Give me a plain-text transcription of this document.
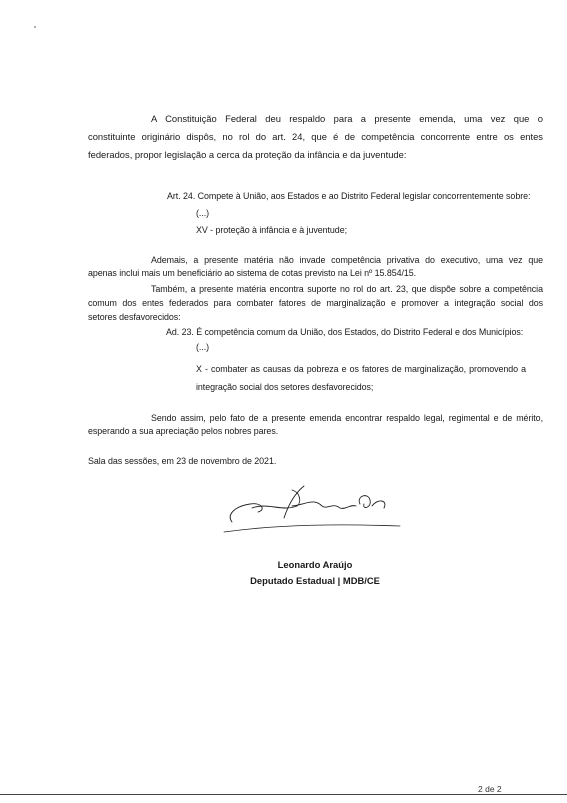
A Constituição Federal deu respaldo para a presente emenda, uma vez que o

constituinte originário dispôs, no rol do art. 24, que é de competência concorrente entre os entes

federados, propor legislação a cerca da proteção da infância e da juventude:

Art. 24. Compete à União, aos Estados e ao Distrito Federal legislar concorrentemente sobre:

(...)

XV - proteção à infância e à juventude;

Ademais, a presente matéria não invade competência privativa do executivo, uma vez que

apenas inclui mais um beneficiário ao sistema de cotas previsto na Lei nº 15.854/15.

Também, a presente matéria encontra suporte no rol do art. 23, que dispõe sobre a competência

comum dos entes federados para combater fatores de marginalização e promover a integração social dos

setores desfavorecidos:

Ad. 23. É competência comum da União, dos Estados, do Distrito Federal e dos Municípios:

(...)

X - combater as causas da pobreza e os fatores de marginalização, promovendo a

integração social dos setores desfavorecidos;

Sendo assim, pelo fato de a presente emenda encontrar respaldo legal, regimental e de mérito,

esperando a sua apreciação pelos nobres pares.

Sala das sessões, em 23 de novembro de 2021.

Leonardo Araújo

Deputado Estadual | MDB/CE

2 de 2
